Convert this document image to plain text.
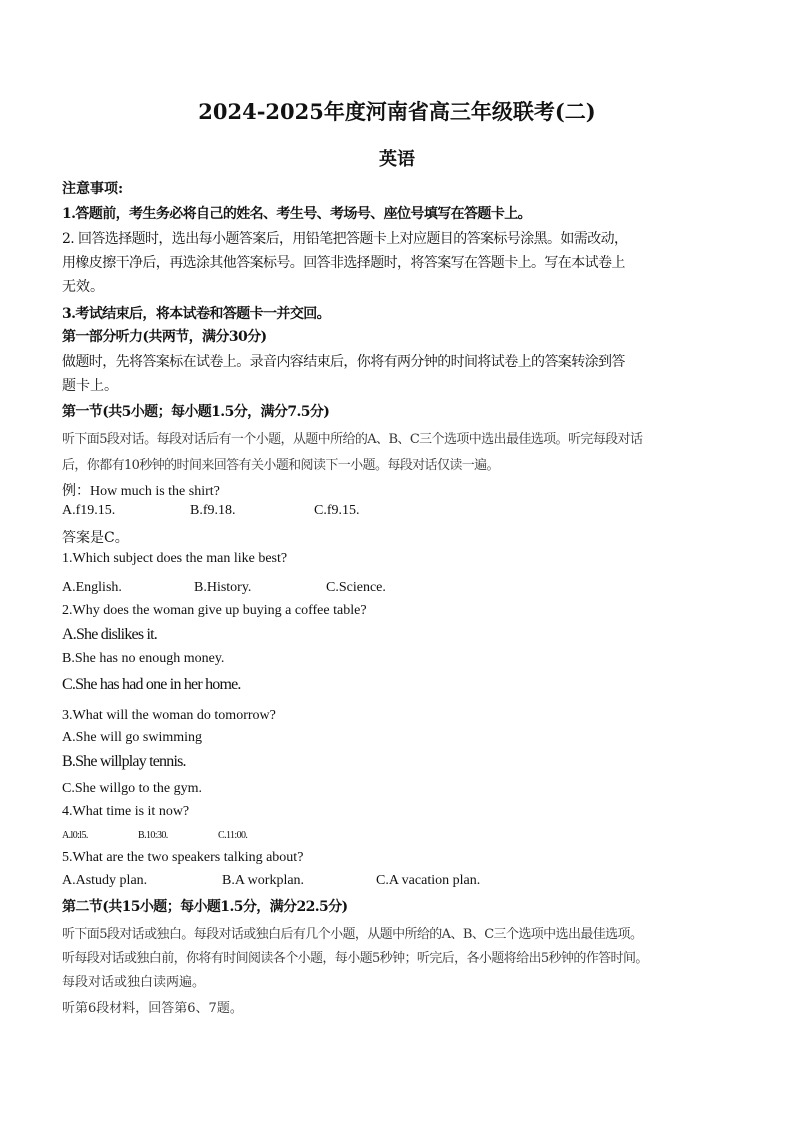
2024-2025年度河南省高三年级联考(二)
英语
注意事项:
1.答题前，考生务必将自己的姓名、考生号、考场号、座位号填写在答题卡上。
2. 回答选择题时，选出每小题答案后，用铅笔把答题卡上对应题目的答案标号涂黑。如需改动，
用橡皮擦干净后，再选涂其他答案标号。回答非选择题时，将答案写在答题卡上。写在本试卷上
无效。
3.考试结束后，将本试卷和答题卡一并交回。
第一部分听力(共两节，满分30分)
做题时，先将答案标在试卷上。录音内容结束后，你将有两分钟的时间将试卷上的答案转涂到答
题卡上。
第一节(共5小题；每小题1.5分，满分7.5分)
听下面5段对话。每段对话后有一个小题，从题中所给的A、B、C三个选项中选出最佳选项。听完每段对话
后，你都有10秒钟的时间来回答有关小题和阅读下一小题。每段对话仅读一遍。
例：How much is the shirt?
A.f19.15.	B.f9.18.	C.f9.15.
答案是C。
1.Which subject does the man like best?
A.English.	B.History.	C.Science.
2.Why does the woman give up buying a coffee table?
A.She dislikes it.
B.She has no enough money.
C.She has had one in her home.
3.What will the woman do tomorrow?
A.She will go swimming
B.She willplay tennis.
C.She willgo to the gym.
4.What time is it now?
A.l0:l5.	B.10:30.	C.11:00.
5.What are the two speakers talking about?
A.Astudy plan.	B.A workplan.	C.A vacation plan.
第二节(共15小题；每小题1.5分，满分22.5分)
听下面5段对话或独白。每段对话或独白后有几个小题，从题中所给的A、B、C三个选项中选出最佳选项。
听每段对话或独白前，你将有时间阅读各个小题，每小题5秒钟；听完后，各小题将给出5秒钟的作答时间。
每段对话或独白读两遍。
听第6段材料，回答第6、7题。
